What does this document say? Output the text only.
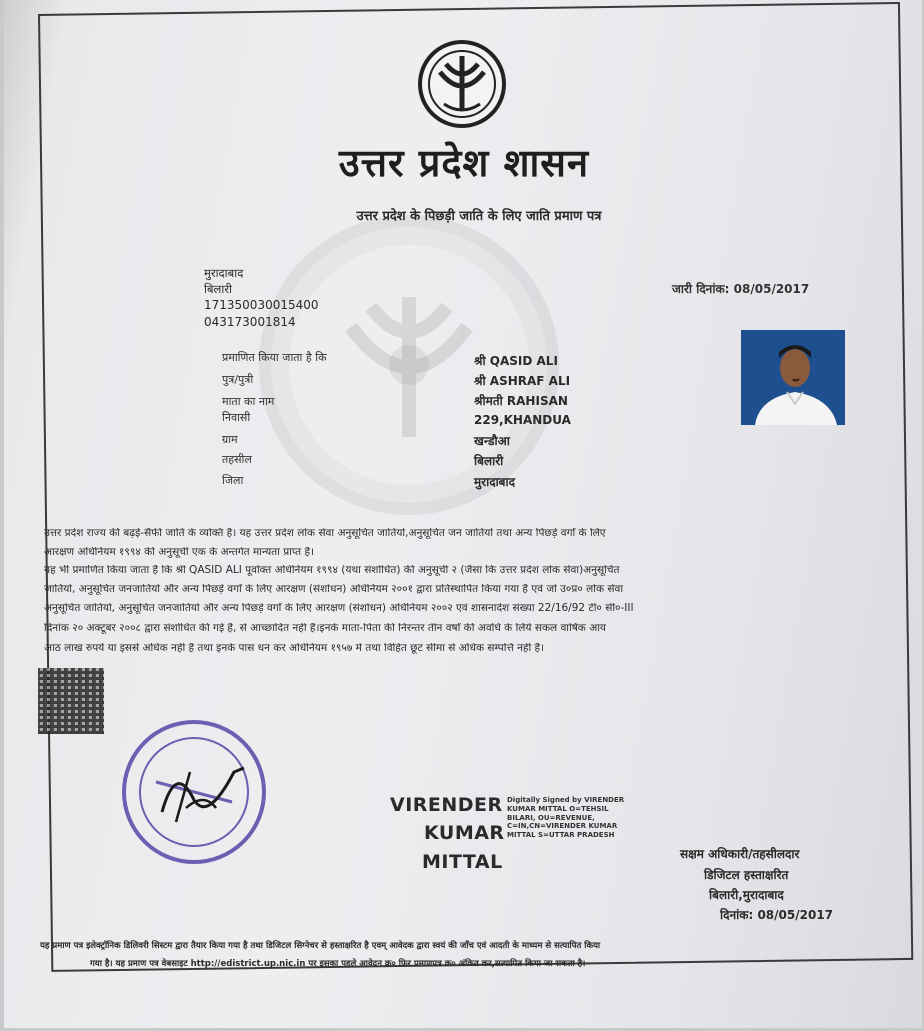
उत्तर प्रदेश शासन
उत्तर प्रदेश के पिछड़ी जाति के लिए जाति प्रमाण पत्र
मुरादाबाद
बिलारी
171350030015400
043173001814
जारी दिनांक: 08/05/2017
प्रमाणित किया जाता है कि	श्री QASID ALI
पुत्र/पुत्री	श्री ASHRAF ALI
माता का नाम	श्रीमती RAHISAN
निवासी	229,KHANDUA
ग्राम	खन्डौआ
तहसील	बिलारी
जिला	मुरादाबाद
उत्तर प्रदेश राज्य की बढ़ई-सैफी जाति के व्यक्ति हैं। यह उत्तर प्रदेश लोक सेवा अनुसूचित जातियों,अनुसूचित जन जातियों तथा अन्य पिछड़े वर्गों के लिए
आरक्षण अधिनियम १९९४ की अनुसूची एक के अन्तर्गत मान्यता प्राप्त है।
यह भी प्रमाणित किया जाता है कि श्री QASID ALI पूर्वोक्त अधिनियम १९९४ (यथा संशोधित) की अनुसूची २ (जैसा कि उत्तर प्रदेश लोक सेवा)अनुसूचित
जातियों, अनुसूचित जनजातियों और अन्य पिछड़े वर्गों के लिए आरक्षण (संशोधन) अधिनियम २००१ द्वारा प्रतिस्थापित किया गया है एवं जो उ०प्र० लोक सेवा
अनुसूचित जातियों, अनुसूचित जनजातियों और अन्य पिछड़े वर्गों के लिए आरक्षण (संशोधन) अधिनियम २००२ एवं शासनादेश संख्या 22/16/92 टी० सी०-III
दिनांक २० अक्टूबर २००८ द्वारा संशोधित की गई है, से आच्छादित नहीं है।इनके माता-पिता की निरन्तर तीन वर्षों की अवधि के लिये सकल वार्षिक आय
आठ लाख रुपये या इससे अधिक नहीं है तथा इनके पास धन कर अधिनियम १९५७ मे तथा विहित छूट सीमा से अधिक सम्पत्ति नहीं है।
VIRENDER
KUMAR
MITTAL
Digitally Signed by VIRENDER
KUMAR MITTAL O=TEHSIL
BILARI, OU=REVENUE,
C=IN,CN=VIRENDER KUMAR
MITTAL S=UTTAR PRADESH
सक्षम अधिकारी/तहसीलदार
डिजिटल हस्ताक्षरित
बिलारी,मुरादाबाद
दिनांक: 08/05/2017
यह प्रमाण पत्र इलेक्ट्रॉनिक डिलिवरी सिस्टम द्वारा तैयार किया गया है तथा डिजिटल सिग्नेचर से हस्ताक्षरित है एवम् आवेदक द्वारा स्वयं की जाँच एवं आदती के माध्यम से सत्यापित किया
गया है। यह प्रमाण पत्र वेबसाइट http://edistrict.up.nic.in पर इसका पहले आवेदन क्र० फिर प्रमाणपत्र क्र० अंकित कर,सत्यापित किया जा सकता है।
